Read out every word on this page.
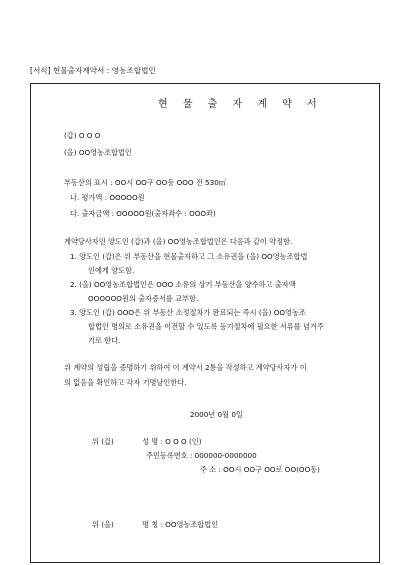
[서식] 현물출자계약서 : 영농조합법인
현 물 출 자 계 약 서
(갑) O O O
(을) OO영농조합법인
부동산의 표시 : OO시 OO구 OO동 OOO 전 530㎡
나. 평가액 : OOOOO원
다. 출자금액 : OOOOO원(출자좌수 : OOO좌)
계약당사자인 양도인 (갑)과 (을) OO영농조합법인은 다음과 같이 약정함.
1. 양도인 (갑)은 위 부동산을 현물출자하고 그 소유권을 (을) OO영농조합법
인에게 양도함.
2. (을) OO영농조합법인은 OOO 소유의 상기 부동산을 양수하고 출자액
OOOOOO원의 출자증서를 교부함.
3. 양도인 (갑) OOO은 위 부동산 소정절차가 완료되는 즉시 (을) OO영농조
합법인 명의로 소유권을 이전할 수 있도록 등기절차에 필요한 서류를 넘겨주
기로 한다.
위 계약의 성립을 증명하기 위하여 이 계약서 2통을 작성하고 계약당사자가 이
의 없음을 확인하고 각자 기명날인한다.
2000년 0월 0일
위 (갑)	성 명 : O O O (인)
주민등록번호 : 000000-0000000
주 소 : OO시 OO구 OO로 OO(OO동)
위 (을)	명 칭 : OO영농조합법인
